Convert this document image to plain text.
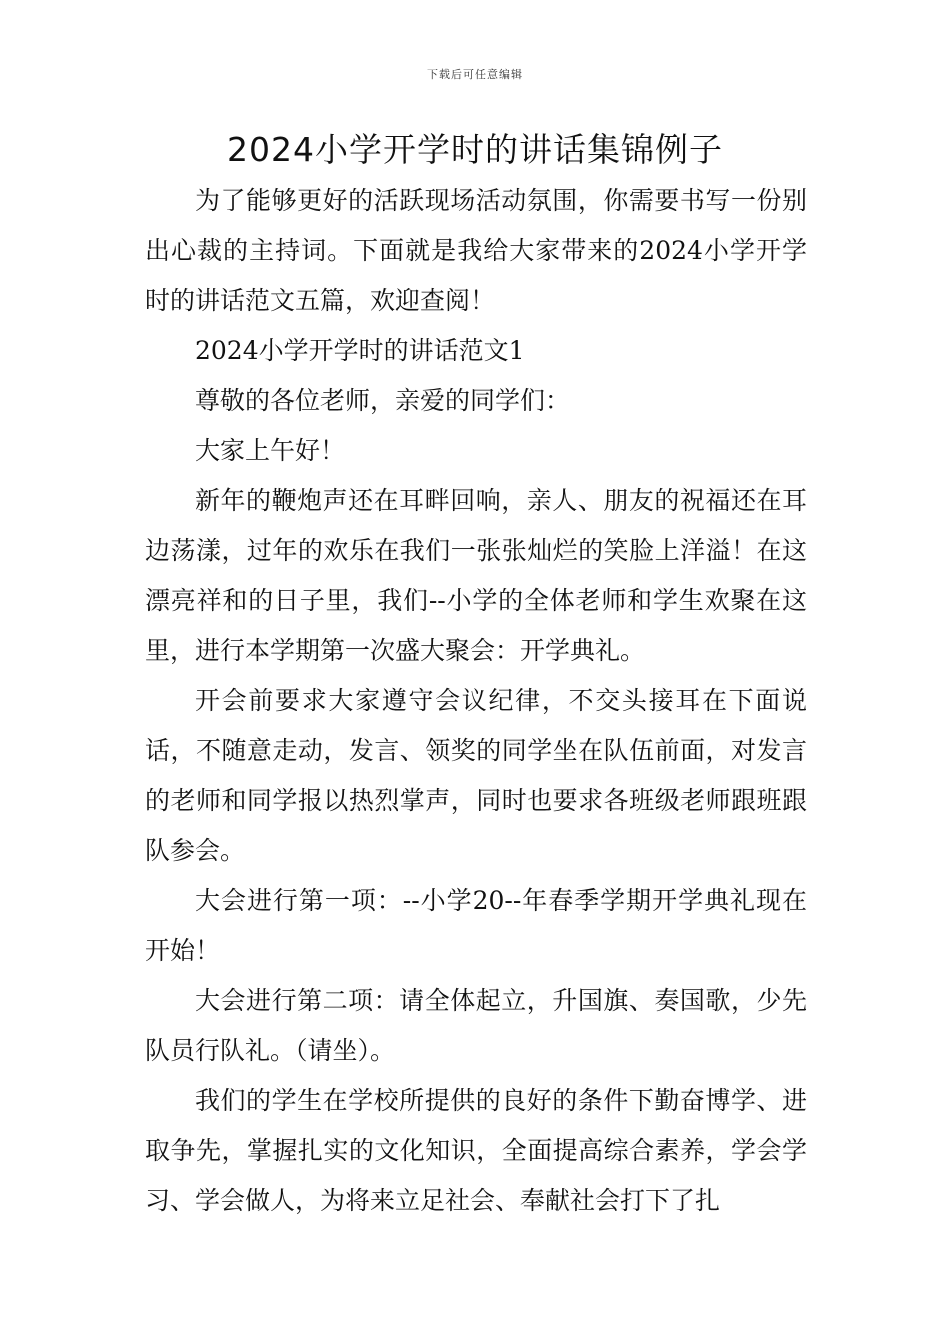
下载后可任意编辑
2024小学开学时的讲话集锦例子

为了能够更好的活跃现场活动氛围，你需要书写一份别出心裁的主持词。下面就是我给大家带来的2024小学开学时的讲话范文五篇，欢迎查阅！

2024小学开学时的讲话范文1

尊敬的各位老师，亲爱的同学们：

大家上午好！

新年的鞭炮声还在耳畔回响，亲人、朋友的祝福还在耳边荡漾，过年的欢乐在我们一张张灿烂的笑脸上洋溢！在这漂亮祥和的日子里，我们--小学的全体老师和学生欢聚在这里，进行本学期第一次盛大聚会：开学典礼。

开会前要求大家遵守会议纪律，不交头接耳在下面说话，不随意走动，发言、领奖的同学坐在队伍前面，对发言的老师和同学报以热烈掌声，同时也要求各班级老师跟班跟队参会。

大会进行第一项：--小学20--年春季学期开学典礼现在开始！

大会进行第二项：请全体起立，升国旗、奏国歌，少先队员行队礼。（请坐）。

我们的学生在学校所提供的良好的条件下勤奋博学、进取争先，掌握扎实的文化知识，全面提高综合素养，学会学习、学会做人，为将来立足社会、奉献社会打下了扎
